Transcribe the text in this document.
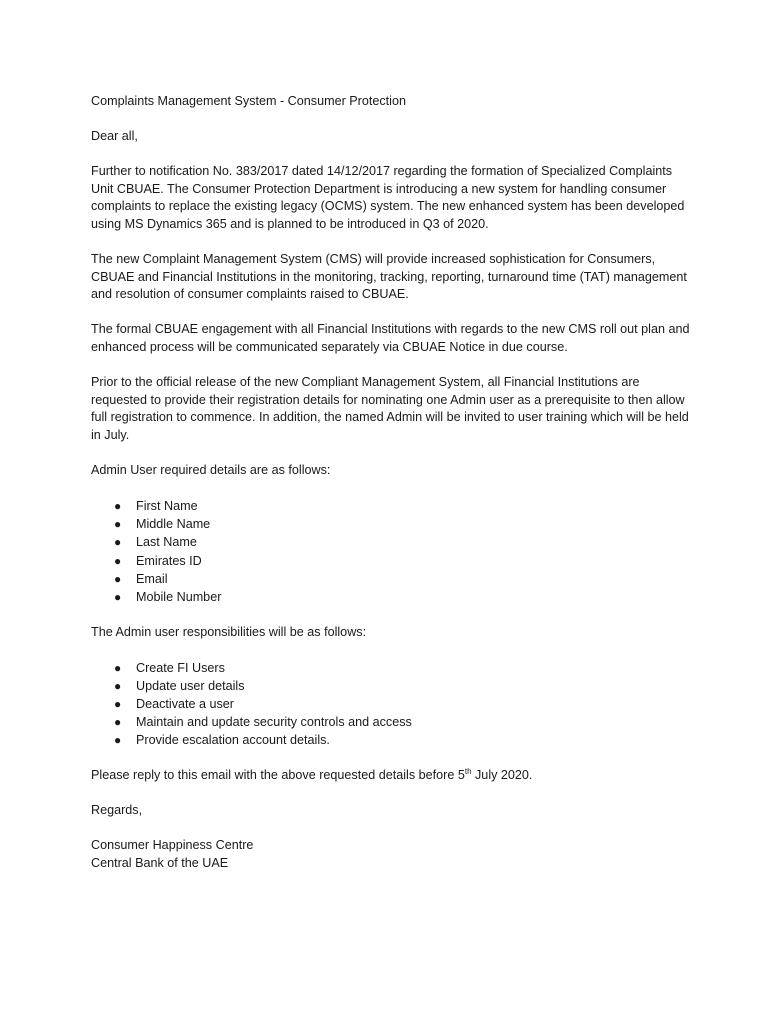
Complaints Management System - Consumer Protection

Dear all,

Further to notification No. 383/2017 dated 14/12/2017 regarding the formation of Specialized Complaints Unit CBUAE. The Consumer Protection Department is introducing a new system for handling consumer complaints to replace the existing legacy (OCMS) system. The new enhanced system has been developed using MS Dynamics 365 and is planned to be introduced in Q3 of 2020.

The new Complaint Management System (CMS) will provide increased sophistication for Consumers, CBUAE and Financial Institutions in the monitoring, tracking, reporting, turnaround time (TAT) management and resolution of consumer complaints raised to CBUAE.

The formal CBUAE engagement with all Financial Institutions with regards to the new CMS roll out plan and enhanced process will be communicated separately via CBUAE Notice in due course.

Prior to the official release of the new Compliant Management System, all Financial Institutions are requested to provide their registration details for nominating one Admin user as a prerequisite to then allow full registration to commence. In addition, the named Admin will be invited to user training which will be held in July.

Admin User required details are as follows:

● First Name
● Middle Name
● Last Name
● Emirates ID
● Email
● Mobile Number

The Admin user responsibilities will be as follows:

● Create FI Users
● Update user details
● Deactivate a user
● Maintain and update security controls and access
● Provide escalation account details.

Please reply to this email with the above requested details before 5th July 2020.

Regards,

Consumer Happiness Centre
Central Bank of the UAE
